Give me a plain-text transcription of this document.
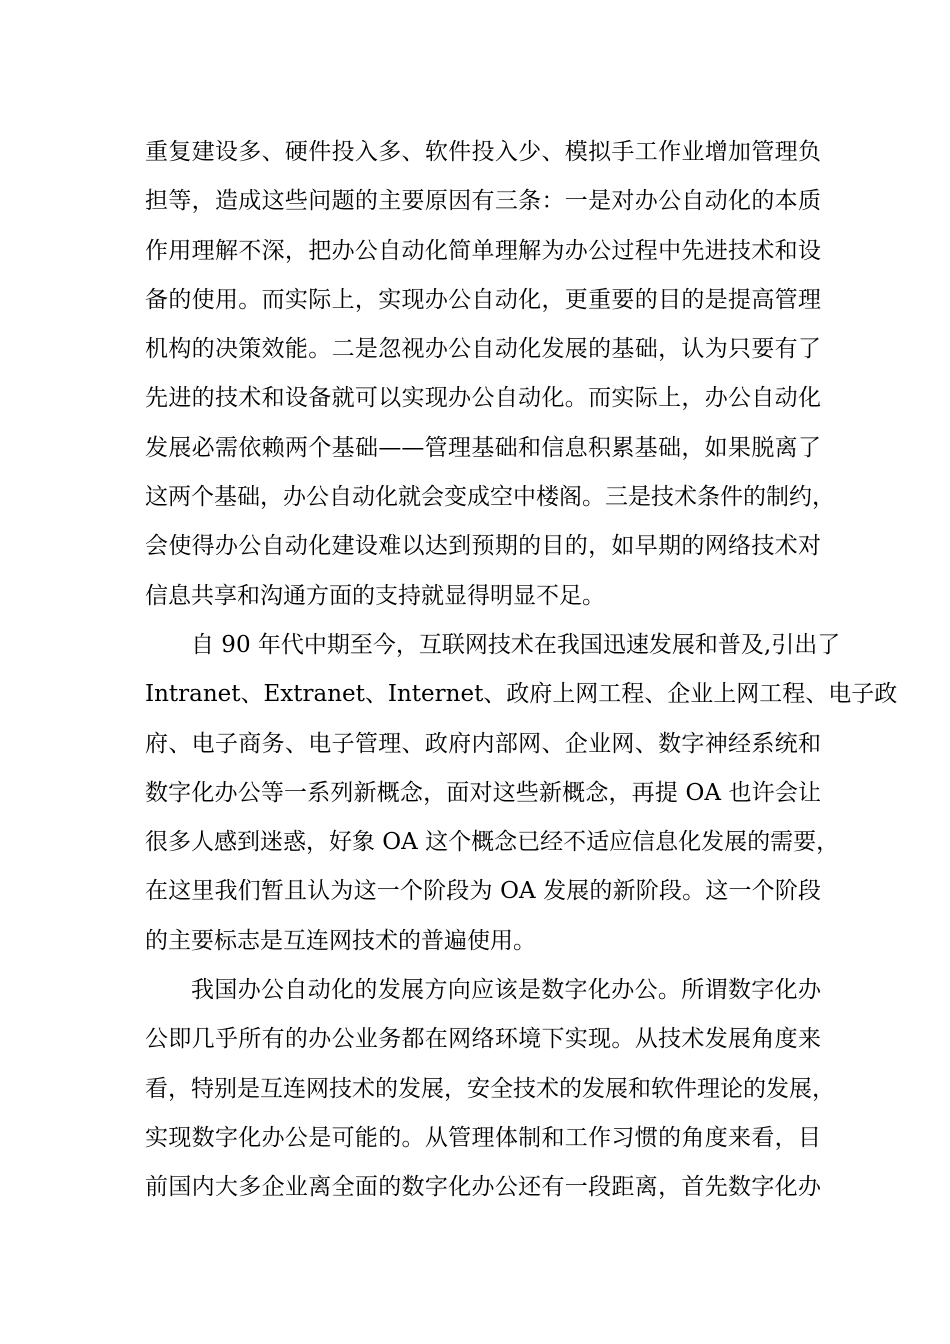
重复建设多、硬件投入多、软件投入少、模拟手工作业增加管理负
担等，造成这些问题的主要原因有三条：一是对办公自动化的本质
作用理解不深，把办公自动化简单理解为办公过程中先进技术和设
备的使用。而实际上，实现办公自动化，更重要的目的是提高管理
机构的决策效能。二是忽视办公自动化发展的基础，认为只要有了
先进的技术和设备就可以实现办公自动化。而实际上，办公自动化
发展必需依赖两个基础——管理基础和信息积累基础，如果脱离了
这两个基础，办公自动化就会变成空中楼阁。三是技术条件的制约，
会使得办公自动化建设难以达到预期的目的，如早期的网络技术对
信息共享和沟通方面的支持就显得明显不足。
自 90 年代中期至今，互联网技术在我国迅速发展和普及,引出了
Intranet、Extranet、Internet、政府上网工程、企业上网工程、电子政
府、电子商务、电子管理、政府内部网、企业网、数字神经系统和
数字化办公等一系列新概念，面对这些新概念，再提 OA 也许会让
很多人感到迷惑，好象 OA 这个概念已经不适应信息化发展的需要，
在这里我们暂且认为这一个阶段为 OA 发展的新阶段。这一个阶段
的主要标志是互连网技术的普遍使用。
我国办公自动化的发展方向应该是数字化办公。所谓数字化办
公即几乎所有的办公业务都在网络环境下实现。从技术发展角度来
看，特别是互连网技术的发展，安全技术的发展和软件理论的发展，
实现数字化办公是可能的。从管理体制和工作习惯的角度来看，目
前国内大多企业离全面的数字化办公还有一段距离，首先数字化办
